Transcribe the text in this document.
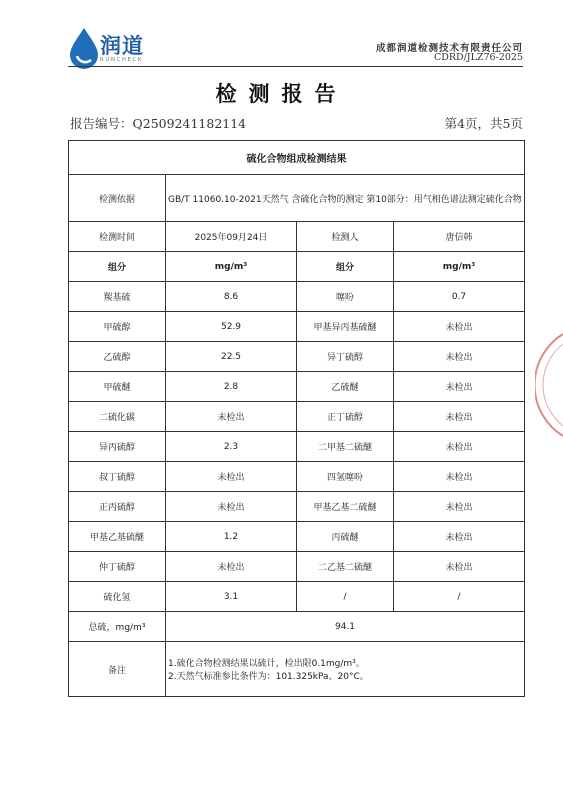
润道
RUNCHECK
成都润道检测技术有限责任公司
CDRD/JLZ76-2025
检测报告
报告编号：Q2509241182114	第4页，共5页
硫化合物组成检测结果			
检测依据	GB/T 11060.10-2021天然气 含硫化合物的测定 第10部分：用气相色谱法测定硫化合物		
检测时间	2025年09月24日	检测人	唐信韩
组分	mg/m³	组分	mg/m³
羰基硫	8.6	噻吩	0.7
甲硫醇	52.9	甲基异丙基硫醚	未检出
乙硫醇	22.5	异丁硫醇	未检出
甲硫醚	2.8	乙硫醚	未检出
二硫化碳	未检出	正丁硫醇	未检出
异丙硫醇	2.3	二甲基二硫醚	未检出
叔丁硫醇	未检出	四氢噻吩	未检出
正丙硫醇	未检出	甲基乙基二硫醚	未检出
甲基乙基硫醚	1.2	丙硫醚	未检出
仲丁硫醇	未检出	二乙基二硫醚	未检出
硫化氢	3.1	/	/
总硫，mg/m³	94.1		
备注	1.硫化合物检测结果以硫计，检出限0.1mg/m³。
2.天然气标准参比条件为：101.325kPa、20°C。		
